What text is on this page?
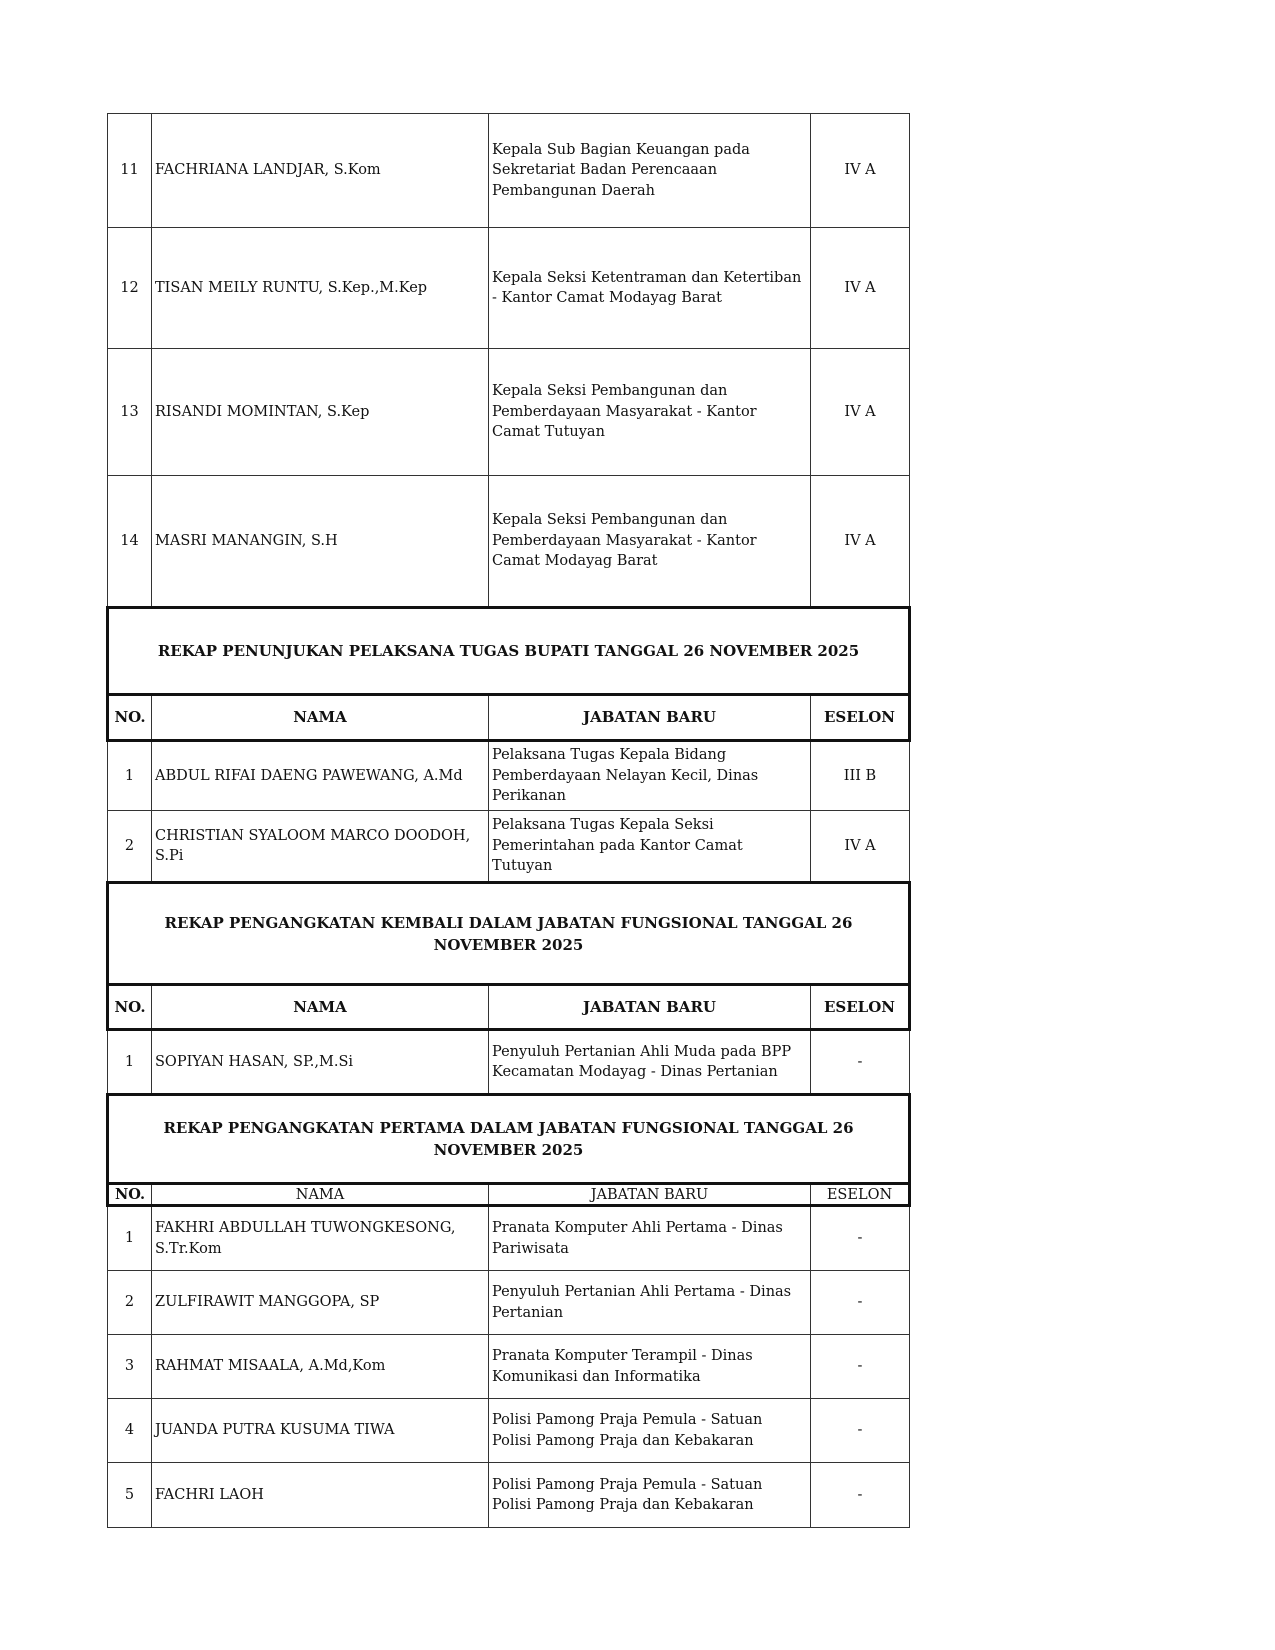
11	FACHRIANA LANDJAR, S.Kom	Kepala Sub Bagian Keuangan pada Sekretariat Badan Perencaaan Pembangunan Daerah	IV A
12	TISAN MEILY RUNTU, S.Kep.,M.Kep	Kepala Seksi Ketentraman dan Ketertiban - Kantor Camat Modayag Barat	IV A
13	RISANDI MOMINTAN, S.Kep	Kepala Seksi Pembangunan dan Pemberdayaan Masyarakat - Kantor Camat Tutuyan	IV A
14	MASRI MANANGIN, S.H	Kepala Seksi Pembangunan dan Pemberdayaan Masyarakat - Kantor Camat Modayag Barat	IV A
REKAP PENUNJUKAN PELAKSANA TUGAS BUPATI TANGGAL 26 NOVEMBER 2025			
NO.	NAMA	JABATAN BARU	ESELON
1	ABDUL RIFAI DAENG PAWEWANG, A.Md	Pelaksana Tugas Kepala Bidang Pemberdayaan Nelayan Kecil, Dinas Perikanan	III B
2	CHRISTIAN SYALOOM MARCO DOODOH, S.Pi	Pelaksana Tugas Kepala Seksi Pemerintahan pada Kantor Camat Tutuyan	IV A
REKAP PENGANGKATAN KEMBALI DALAM JABATAN FUNGSIONAL TANGGAL 26 NOVEMBER 2025			
NO.	NAMA	JABATAN BARU	ESELON
1	SOPIYAN HASAN, SP.,M.Si	Penyuluh Pertanian Ahli Muda pada BPP Kecamatan Modayag - Dinas Pertanian	-
REKAP PENGANGKATAN PERTAMA DALAM JABATAN FUNGSIONAL TANGGAL 26 NOVEMBER 2025			
NO.	NAMA	JABATAN BARU	ESELON
1	FAKHRI ABDULLAH TUWONGKESONG, S.Tr.Kom	Pranata Komputer Ahli Pertama - Dinas Pariwisata	-
2	ZULFIRAWIT MANGGOPA, SP	Penyuluh Pertanian Ahli Pertama - Dinas Pertanian	-
3	RAHMAT MISAALA, A.Md,Kom	Pranata Komputer Terampil - Dinas Komunikasi dan Informatika	-
4	JUANDA PUTRA KUSUMA TIWA	Polisi Pamong Praja Pemula - Satuan Polisi Pamong Praja dan Kebakaran	-
5	FACHRI LAOH	Polisi Pamong Praja Pemula - Satuan Polisi Pamong Praja dan Kebakaran	-
